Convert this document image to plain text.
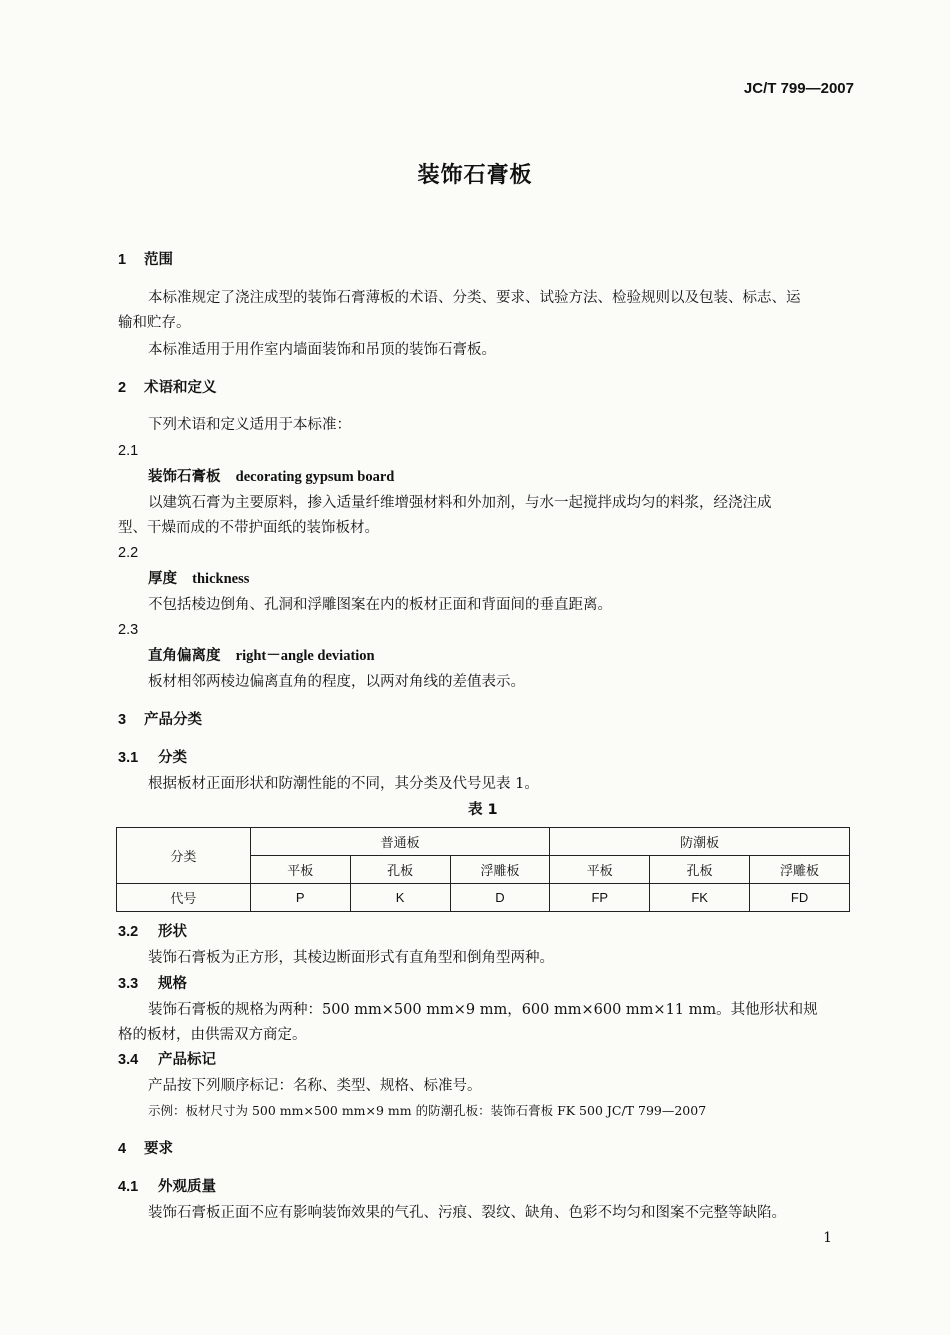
JC/T 799—2007
装饰石膏板
1 范围
本标准规定了浇注成型的装饰石膏薄板的术语、分类、要求、试验方法、检验规则以及包装、标志、运
输和贮存。
本标准适用于用作室内墙面装饰和吊顶的装饰石膏板。
2 术语和定义
下列术语和定义适用于本标准：
2.1
装饰石膏板 decorating gypsum board
以建筑石膏为主要原料，掺入适量纤维增强材料和外加剂，与水一起搅拌成均匀的料浆，经浇注成
型、干燥而成的不带护面纸的装饰板材。
2.2
厚度 thickness
不包括棱边倒角、孔洞和浮雕图案在内的板材正面和背面间的垂直距离。
2.3
直角偏离度 right－angle deviation
板材相邻两棱边偏离直角的程度，以两对角线的差值表示。
3 产品分类
3.1 分类
根据板材正面形状和防潮性能的不同，其分类及代号见表 1。
表 1
分类	普通板			防潮板		
	平板	孔板	浮雕板	平板	孔板	浮雕板
代号	P	K	D	FP	FK	FD
3.2 形状
装饰石膏板为正方形，其棱边断面形式有直角型和倒角型两种。
3.3 规格
装饰石膏板的规格为两种：500 mm×500 mm×9 mm，600 mm×600 mm×11 mm。其他形状和规
格的板材，由供需双方商定。
3.4 产品标记
产品按下列顺序标记：名称、类型、规格、标准号。
示例：板材尺寸为 500 mm×500 mm×9 mm 的防潮孔板：装饰石膏板 FK 500 JC/T 799—2007
4 要求
4.1 外观质量
装饰石膏板正面不应有影响装饰效果的气孔、污痕、裂纹、缺角、色彩不均匀和图案不完整等缺陷。
1
